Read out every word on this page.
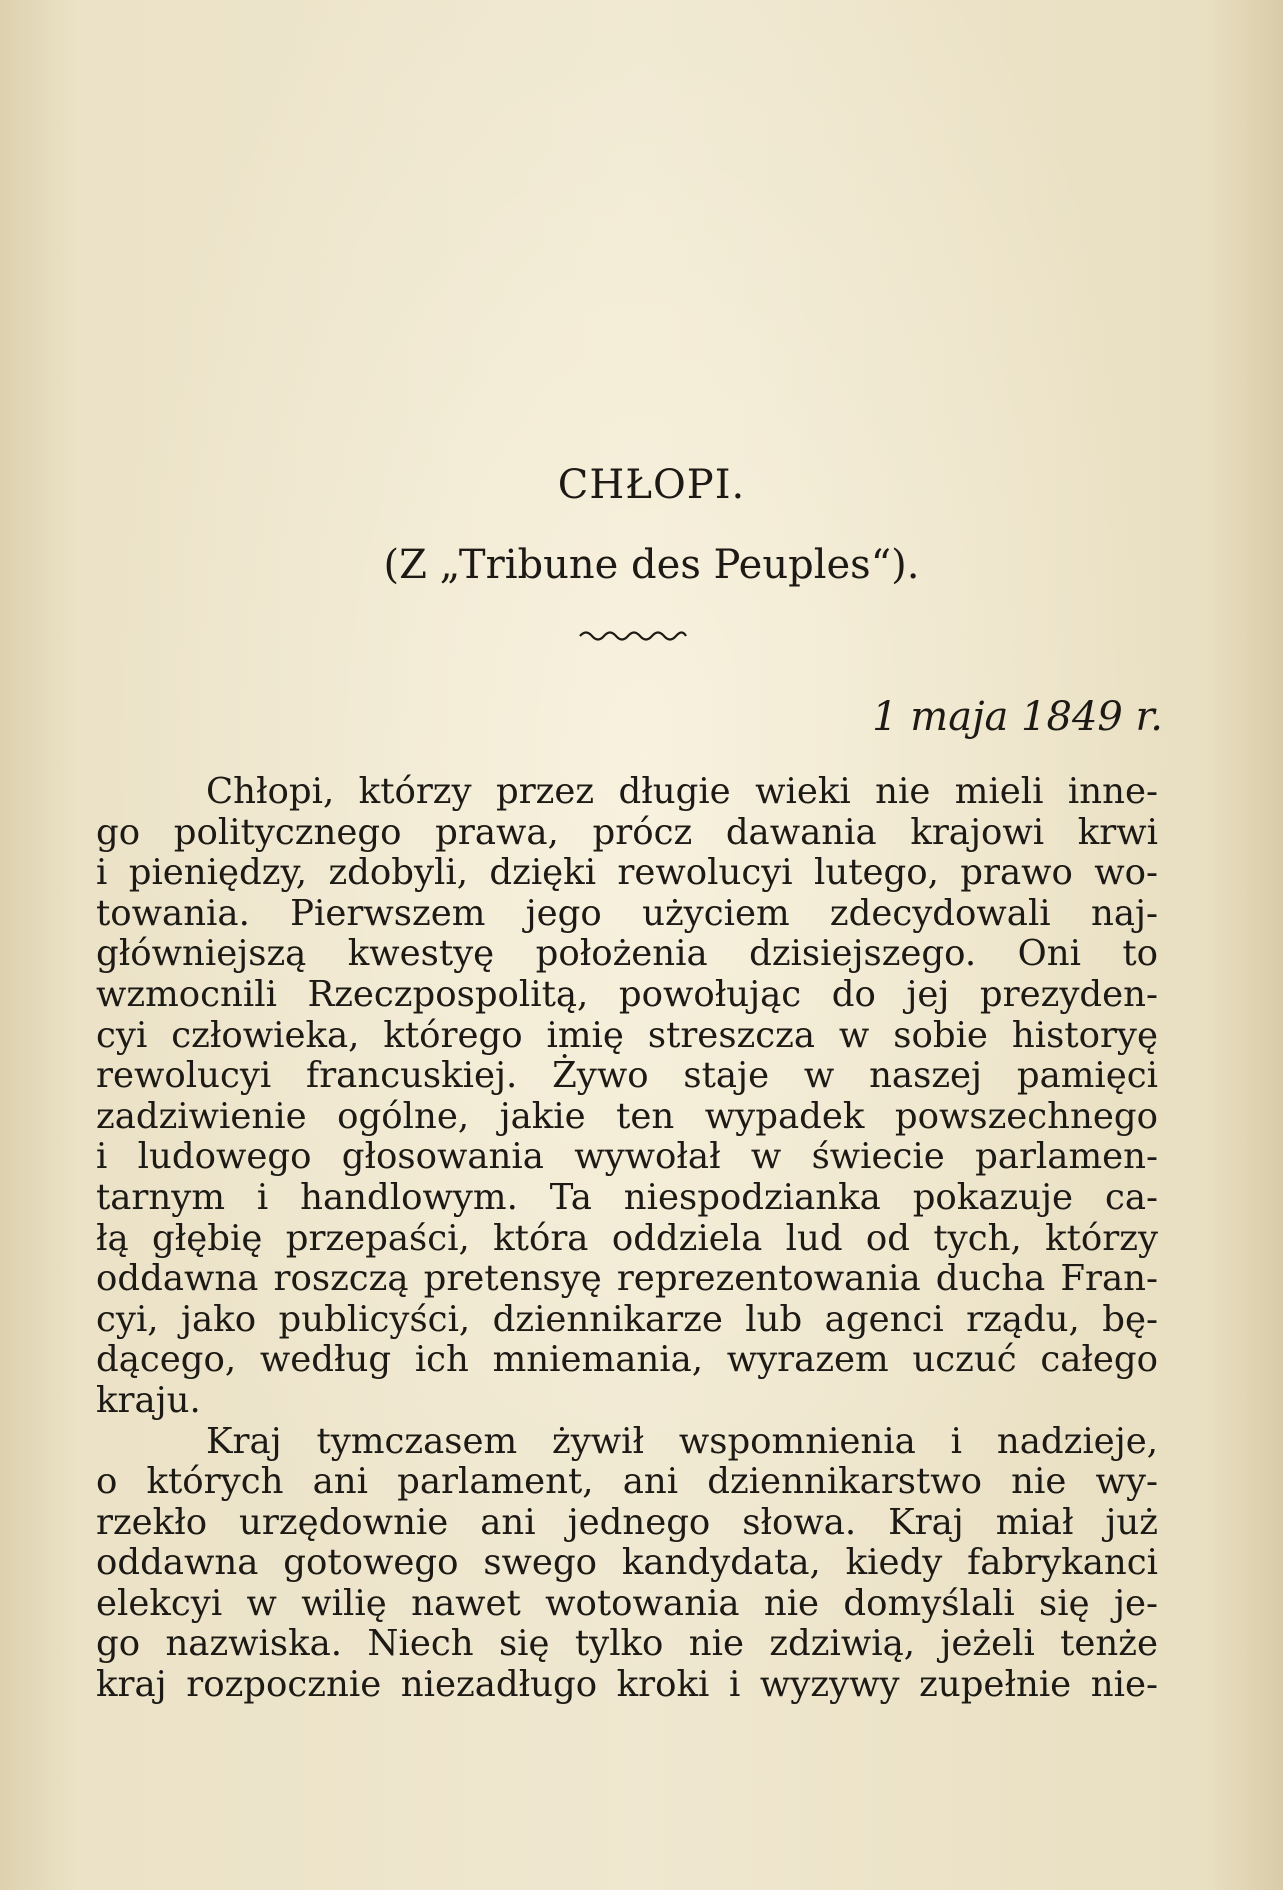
CHŁOPI.
(Z „Tribune des Peuples“).
1 maja 1849 r.
Chłopi, którzy przez długie wieki nie mieli inne-
go politycznego prawa, prócz dawania krajowi krwi
i pieniędzy, zdobyli, dzięki rewolucyi lutego, prawo wo-
towania. Pierwszem jego użyciem zdecydowali naj-
główniejszą kwestyę położenia dzisiejszego. Oni to
wzmocnili Rzeczpospolitą, powołując do jej prezyden-
cyi człowieka, którego imię streszcza w sobie historyę
rewolucyi francuskiej. Żywo staje w naszej pamięci
zadziwienie ogólne, jakie ten wypadek powszechnego
i ludowego głosowania wywołał w świecie parlamen-
tarnym i handlowym. Ta niespodzianka pokazuje ca-
łą głębię przepaści, która oddziela lud od tych, którzy
oddawna roszczą pretensyę reprezentowania ducha Fran-
cyi, jako publicyści, dziennikarze lub agenci rządu, bę-
dącego, według ich mniemania, wyrazem uczuć całego
kraju.
Kraj tymczasem żywił wspomnienia i nadzieje,
o których ani parlament, ani dziennikarstwo nie wy-
rzekło urzędownie ani jednego słowa. Kraj miał już
oddawna gotowego swego kandydata, kiedy fabrykanci
elekcyi w wilię nawet wotowania nie domyślali się je-
go nazwiska. Niech się tylko nie zdziwią, jeżeli tenże
kraj rozpocznie niezadługo kroki i wyzywy zupełnie nie-
